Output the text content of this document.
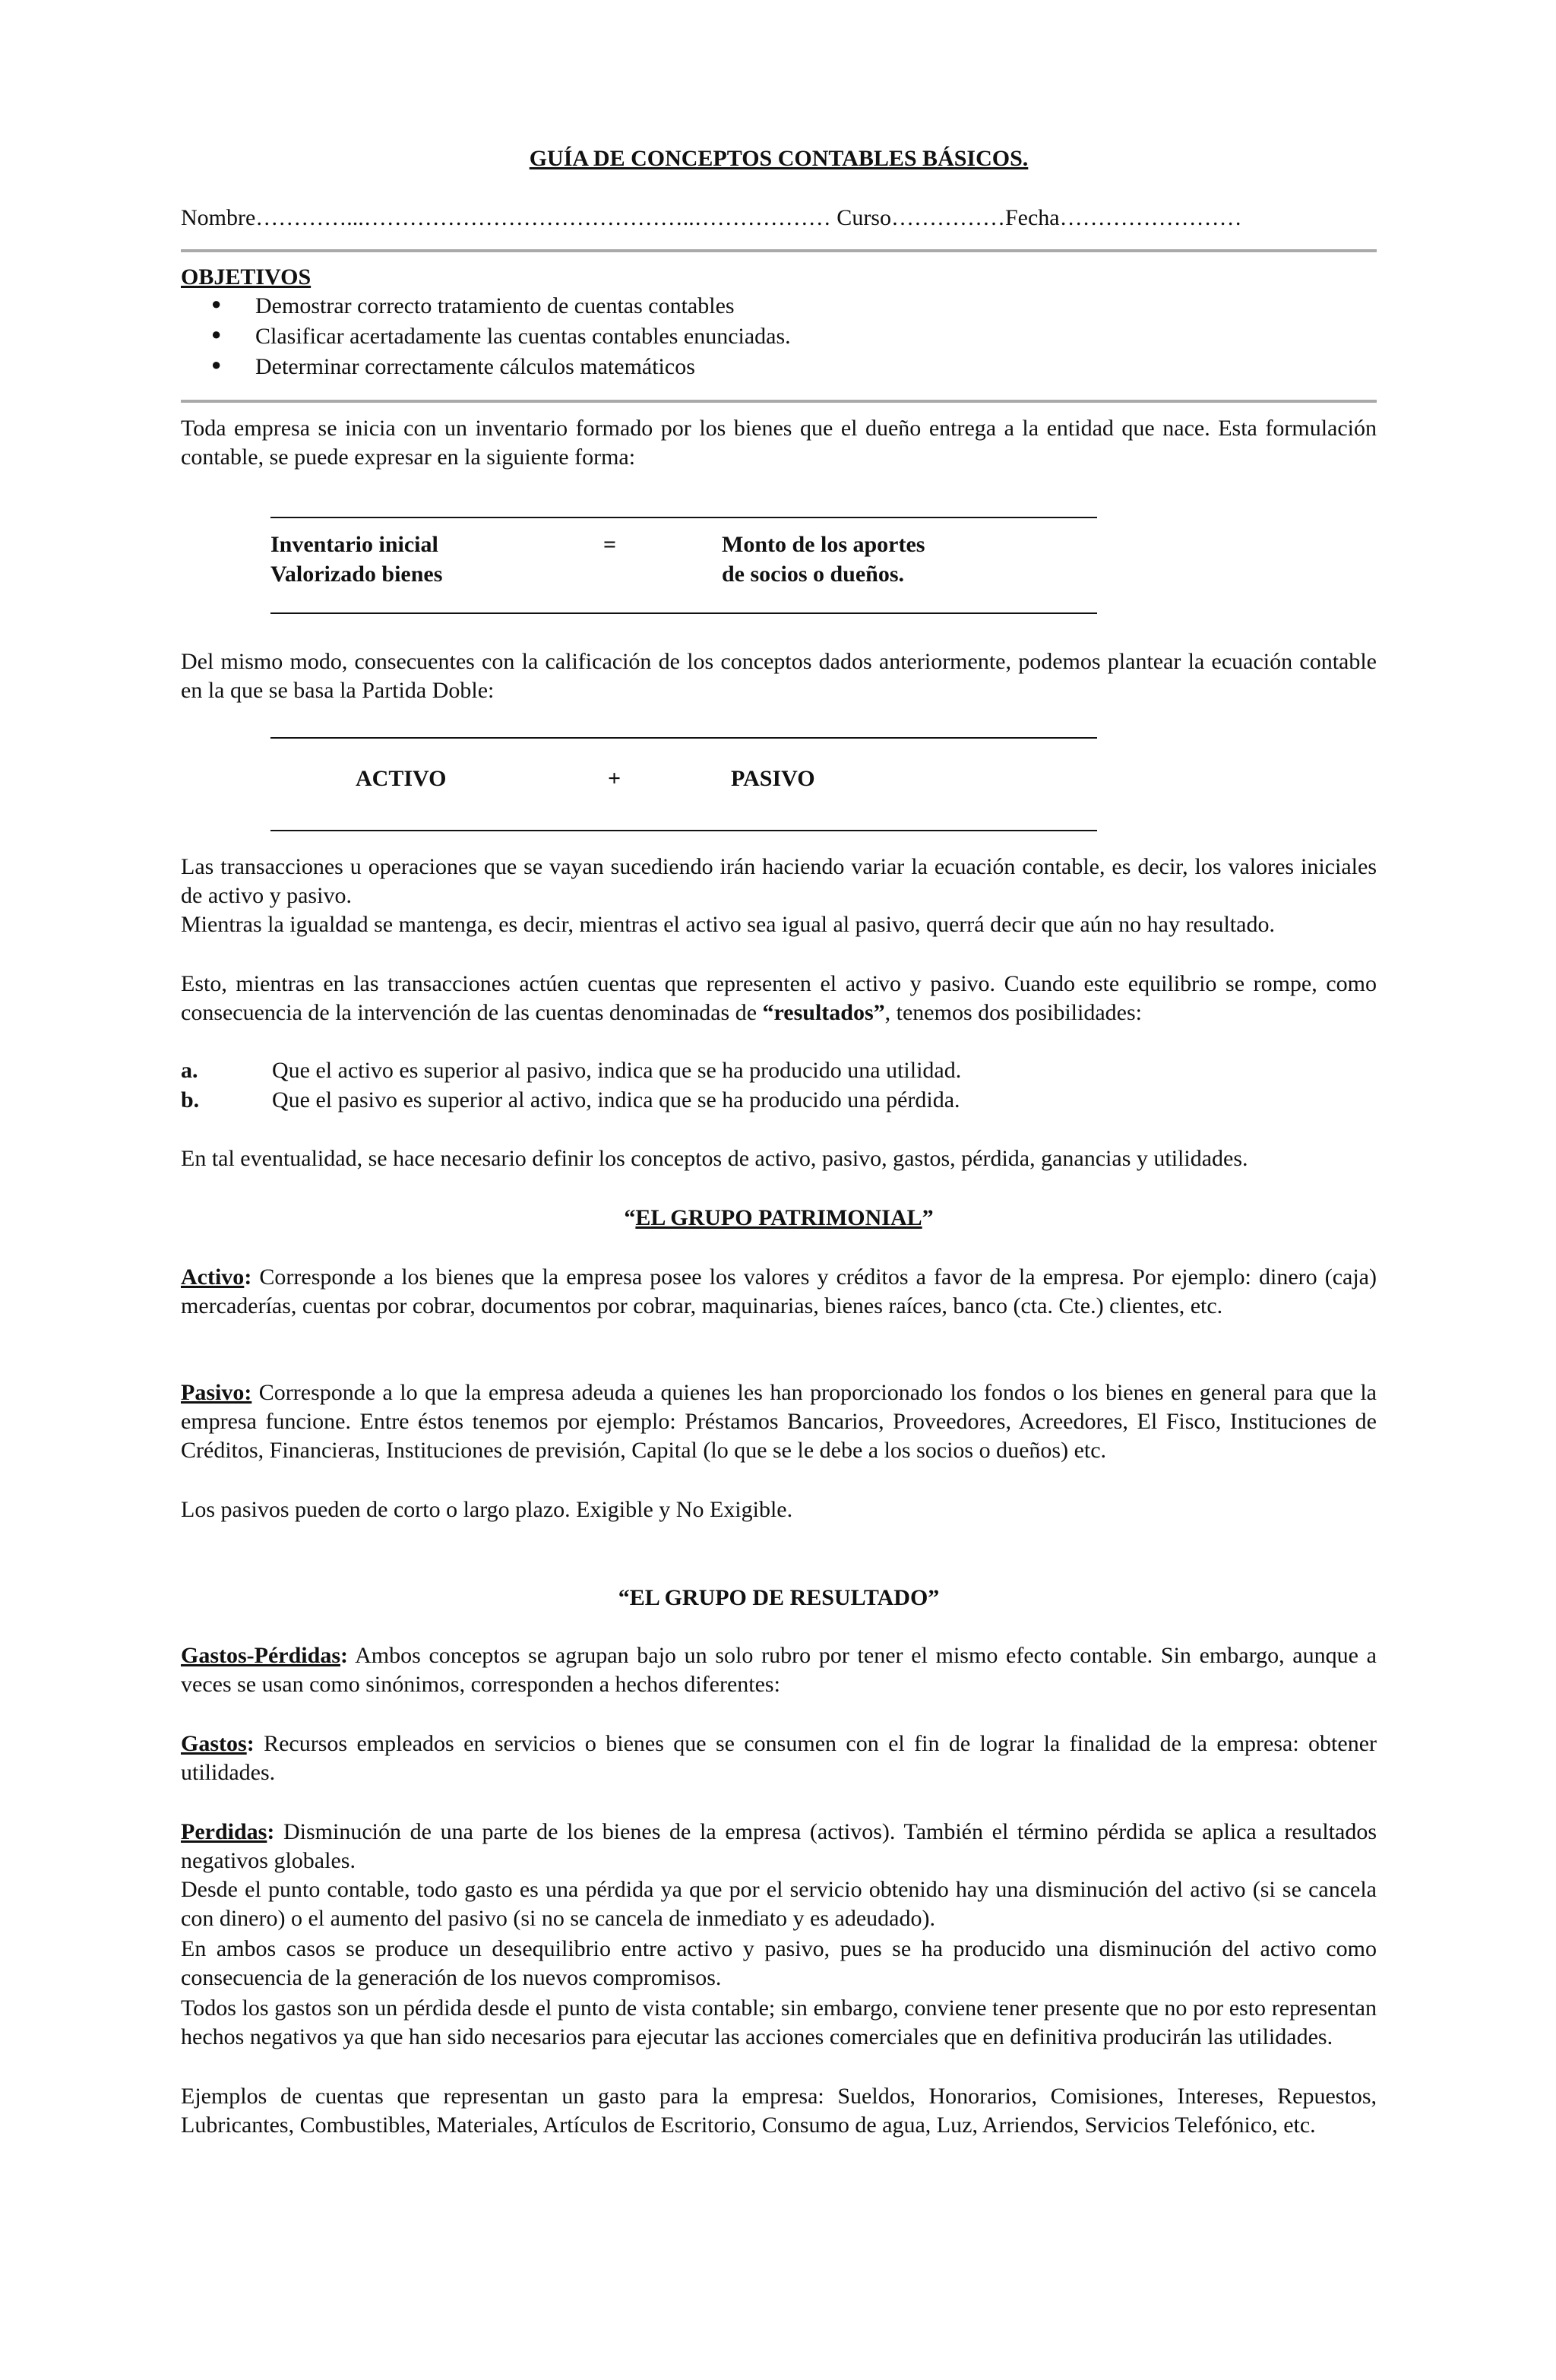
GUÍA DE CONCEPTOS CONTABLES BÁSICOS.
Nombre…………...……………………………………..……………… Curso……………Fecha……………………
OBJETIVOS
● Demostrar correcto tratamiento de cuentas contables
● Clasificar acertadamente las cuentas contables enunciadas.
● Determinar correctamente cálculos matemáticos
Toda empresa se inicia con un inventario formado por los bienes que el dueño entrega a la entidad que nace. Esta formulación contable, se puede expresar en la siguiente forma:
Inventario inicial
Valorizado bienes
=	Monto de los aportes
de socios o dueños.
Del mismo modo, consecuentes con la calificación de los conceptos dados anteriormente, podemos plantear la ecuación contable en la que se basa la Partida Doble:
ACTIVO	+	PASIVO
Las transacciones u operaciones que se vayan sucediendo irán haciendo variar la ecuación contable, es decir, los valores iniciales de activo y pasivo.
Mientras la igualdad se mantenga, es decir, mientras el activo sea igual al pasivo, querrá decir que aún no hay resultado.
Esto, mientras en las transacciones actúen cuentas que representen el activo y pasivo. Cuando este equilibrio se rompe, como consecuencia de la intervención de las cuentas denominadas de “resultados”, tenemos dos posibilidades:
a.	Que el activo es superior al pasivo, indica que se ha producido una utilidad.
b.	Que el pasivo es superior al activo, indica que se ha producido una pérdida.
En tal eventualidad, se hace necesario definir los conceptos de activo, pasivo, gastos, pérdida, ganancias y utilidades.
“EL GRUPO PATRIMONIAL”
Activo: Corresponde a los bienes que la empresa posee los valores y créditos a favor de la empresa. Por ejemplo: dinero (caja) mercaderías, cuentas por cobrar, documentos por cobrar, maquinarias, bienes raíces, banco (cta. Cte.) clientes, etc.
Pasivo: Corresponde a lo que la empresa adeuda a quienes les han proporcionado los fondos o los bienes en general para que la empresa funcione. Entre éstos tenemos por ejemplo: Préstamos Bancarios, Proveedores, Acreedores, El Fisco, Instituciones de Créditos, Financieras, Instituciones de previsión, Capital (lo que se le debe a los socios o dueños) etc.
Los pasivos pueden de corto o largo plazo. Exigible y No Exigible.
“EL GRUPO DE RESULTADO”
Gastos-Pérdidas: Ambos conceptos se agrupan bajo un solo rubro por tener el mismo efecto contable. Sin embargo, aunque a veces se usan como sinónimos, corresponden a hechos diferentes:
Gastos: Recursos empleados en servicios o bienes que se consumen con el fin de lograr la finalidad de la empresa: obtener utilidades.
Perdidas: Disminución de una parte de los bienes de la empresa (activos). También el término pérdida se aplica a resultados negativos globales.
Desde el punto contable, todo gasto es una pérdida ya que por el servicio obtenido hay una disminución del activo (si se cancela con dinero) o el aumento del pasivo (si no se cancela de inmediato y es adeudado).
En ambos casos se produce un desequilibrio entre activo y pasivo, pues se ha producido una disminución del activo como consecuencia de la generación de los nuevos compromisos.
Todos los gastos son un pérdida desde el punto de vista contable; sin embargo, conviene tener presente que no por esto representan hechos negativos ya que han sido necesarios para ejecutar las acciones comerciales que en definitiva producirán las utilidades.
Ejemplos de cuentas que representan un gasto para la empresa: Sueldos, Honorarios, Comisiones, Intereses, Repuestos, Lubricantes, Combustibles, Materiales, Artículos de Escritorio, Consumo de agua, Luz, Arriendos, Servicios Telefónico, etc.
